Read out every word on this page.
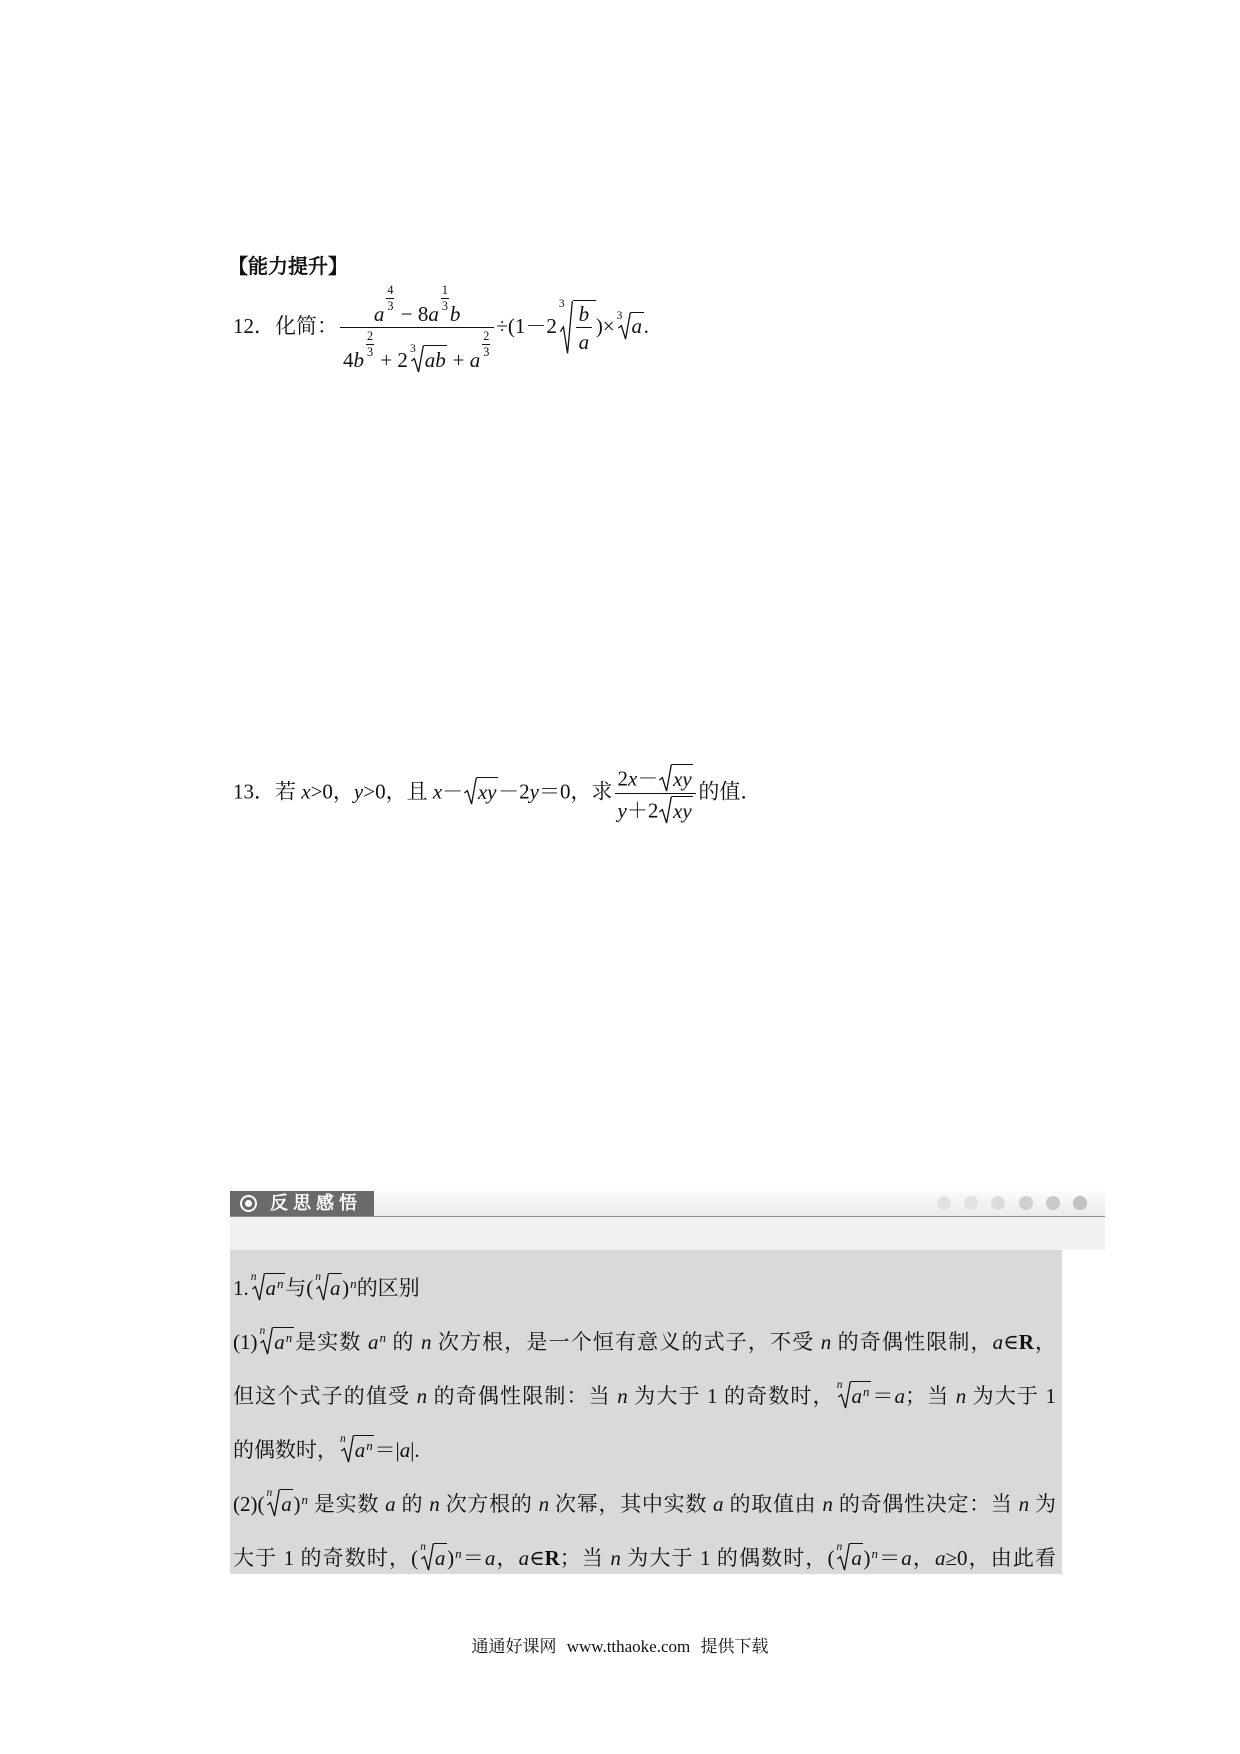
【能力提升】
12．化简： a
$^{\frac{4}{3}}$
− 8a
$^{\frac{1}{3}}$
b
4b
$^{\frac{2}{3}}$
+ 2 3 ab + a
$^{\frac{2}{3}}$ ÷(1－2
$3 \frac{b}{a}$ )× 3 a.
13．若 x>0，y>0，且 x－ xy－2y＝0，求 $\frac{2x- xy}{y+2 xy}$ 的值．
反思感悟
1. n $a^n$与( n a)$^n$的区别
(1) n $a^n$是实数 $a^n$ 的 n 次方根，是一个恒有意义的式子，不受 n 的奇偶性限制，a∈R，
但这个式子的值受 n 的奇偶性限制：当 n 为大于 1 的奇数时， n $a^n=a$；当 n 为大于 1
的偶数时， n $a^n=|a|$.
(2)( n a)$^n$ 是实数 a 的 n 次方根的 n 次幂，其中实数 a 的取值由 n 的奇偶性决定：当 n 为
大于 1 的奇数时，( n a)$^n$＝a，a∈R；当 n 为大于 1 的偶数时，( n a)$^n$＝a，a≥0，由此看
通通好课网 www.tthaoke.com 提供下载
